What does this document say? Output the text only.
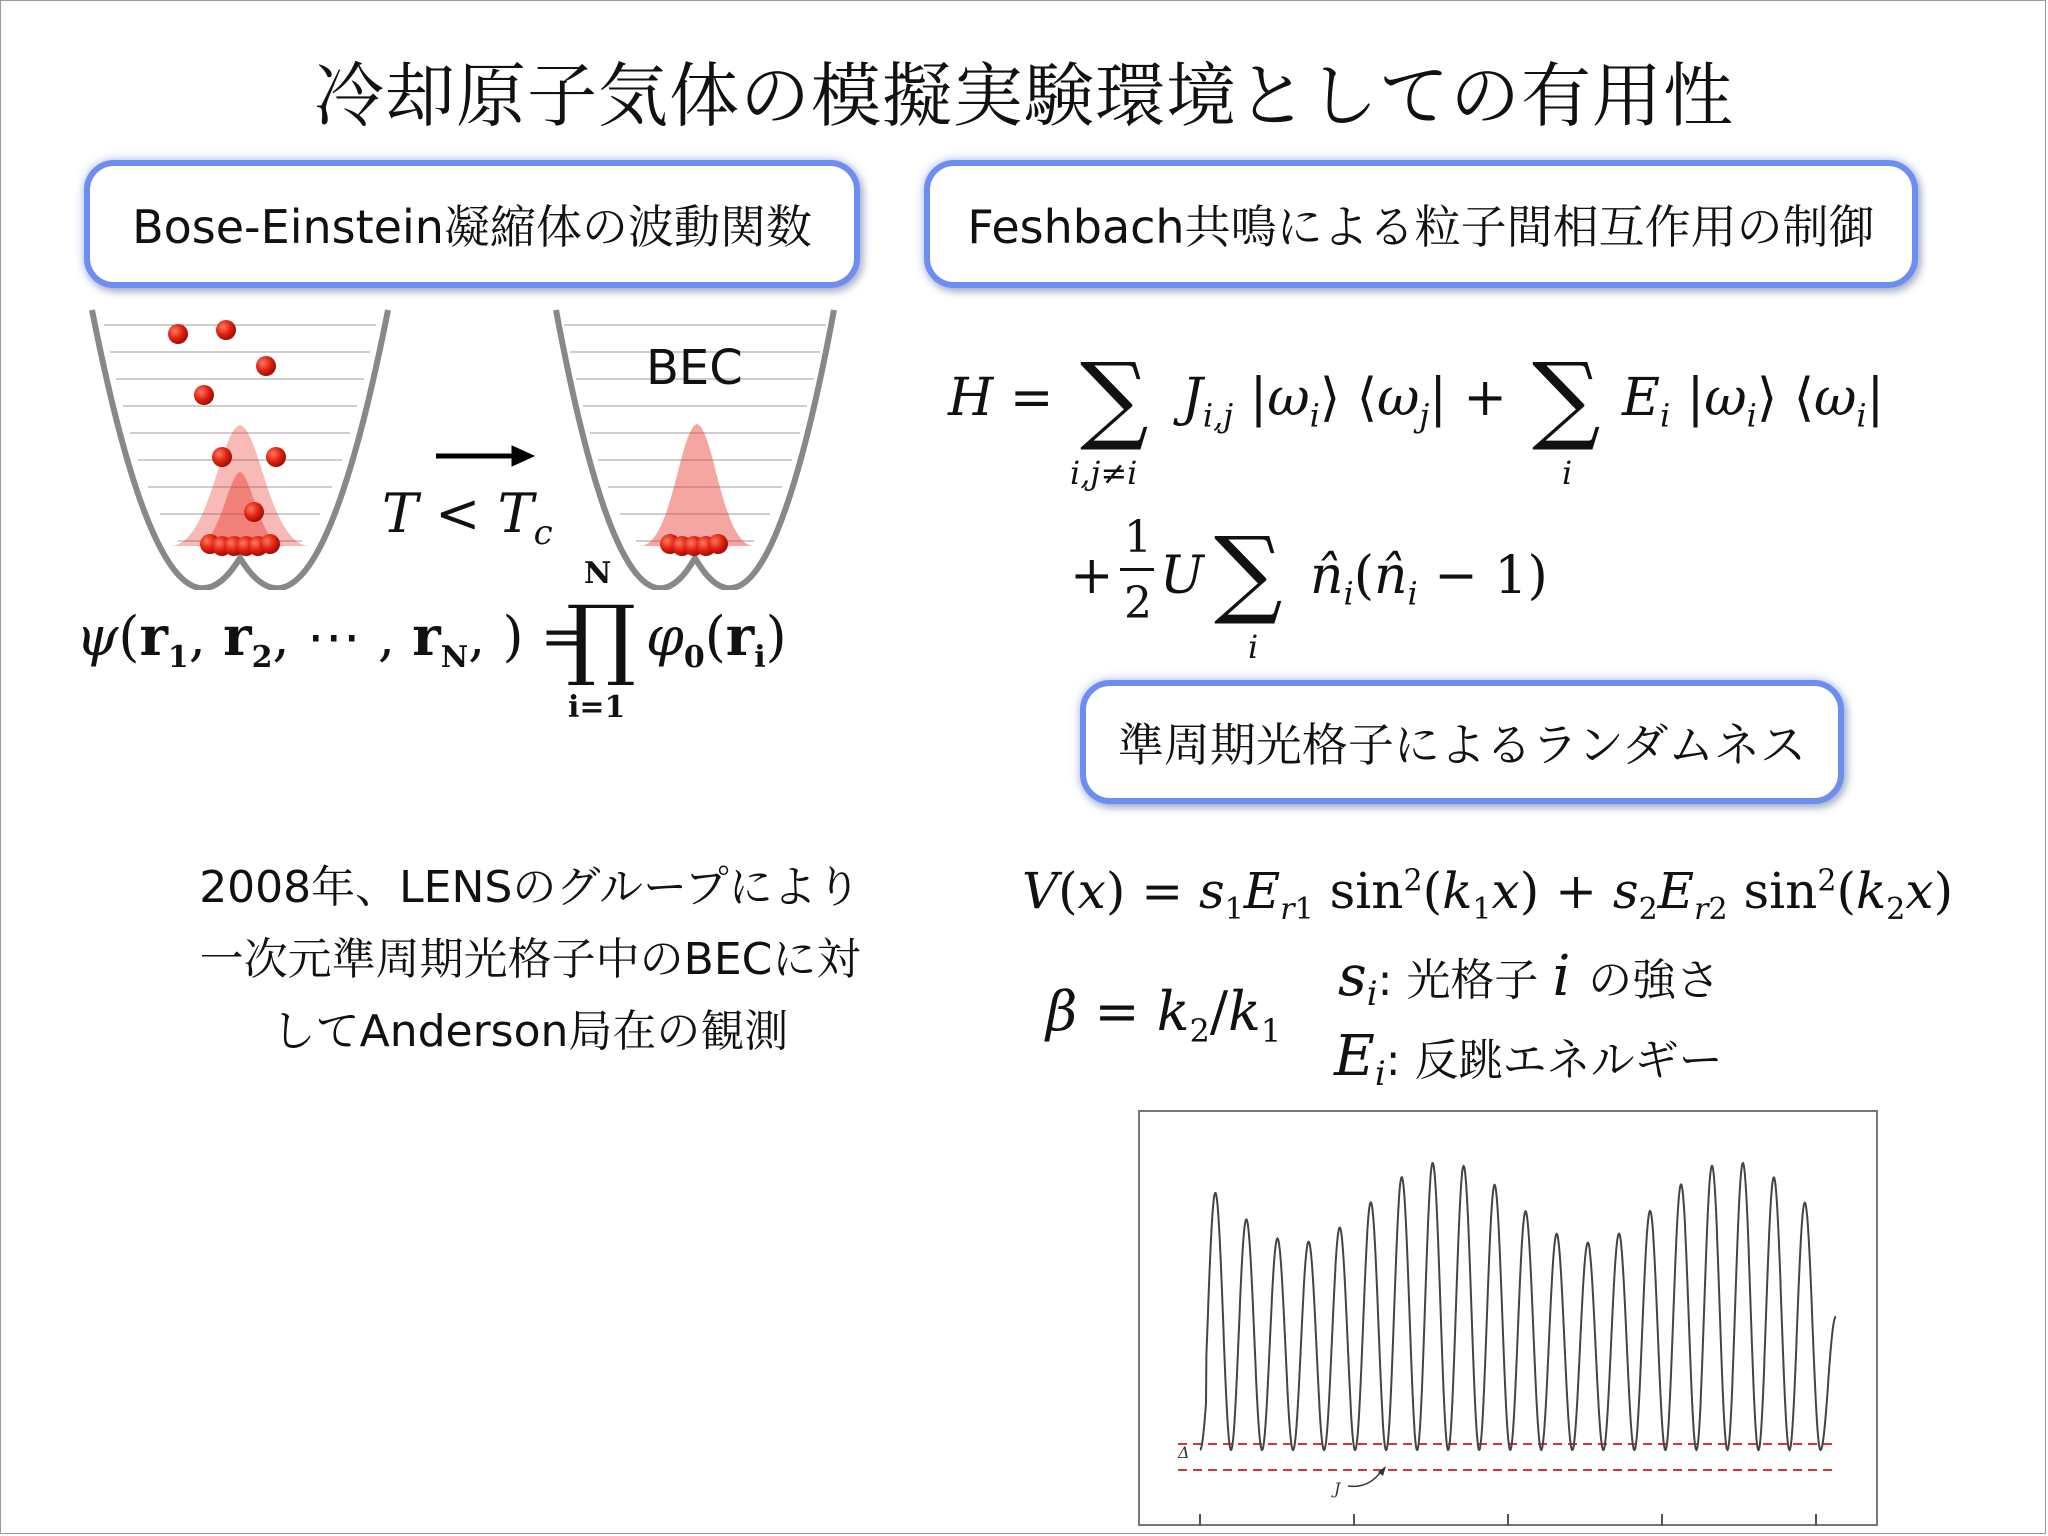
冷却原子気体の模擬実験環境としての有用性
Bose-Einstein凝縮体の波動関数	Feshbach共鳴による粒子間相互作用の制御
準周期光格子によるランダムネス
BEC
$T < T_c$
$\psi(r_1$, $r_2$, ⋯ , $r_N$, ) =
N
∏
i=1
$\varphi_0(r_i)$
2008年、LENSのグループにより
一次元準周期光格子中のBECに対
してAnderson局在の観測
H = ∑
i,j≠i
$J_{i,j}$ $|\omega_i⟩$ $⟨\omega_j|$ + ∑
i
$E_i$ $|\omega_i⟩$ $⟨\omega_i|$
+
1
2 U ∑
i
$n̂_i(n̂_i - 1)$
$V(x) = s_1E_{r1}$ $\sin^2(k_1x) + s_2E_{r2}$ $\sin^2(k_2x)$
$\beta = k_2/k_1$
$s_i$: 光格子 i の強さ
$E_i$: 反跳エネルギー
Δ
J
